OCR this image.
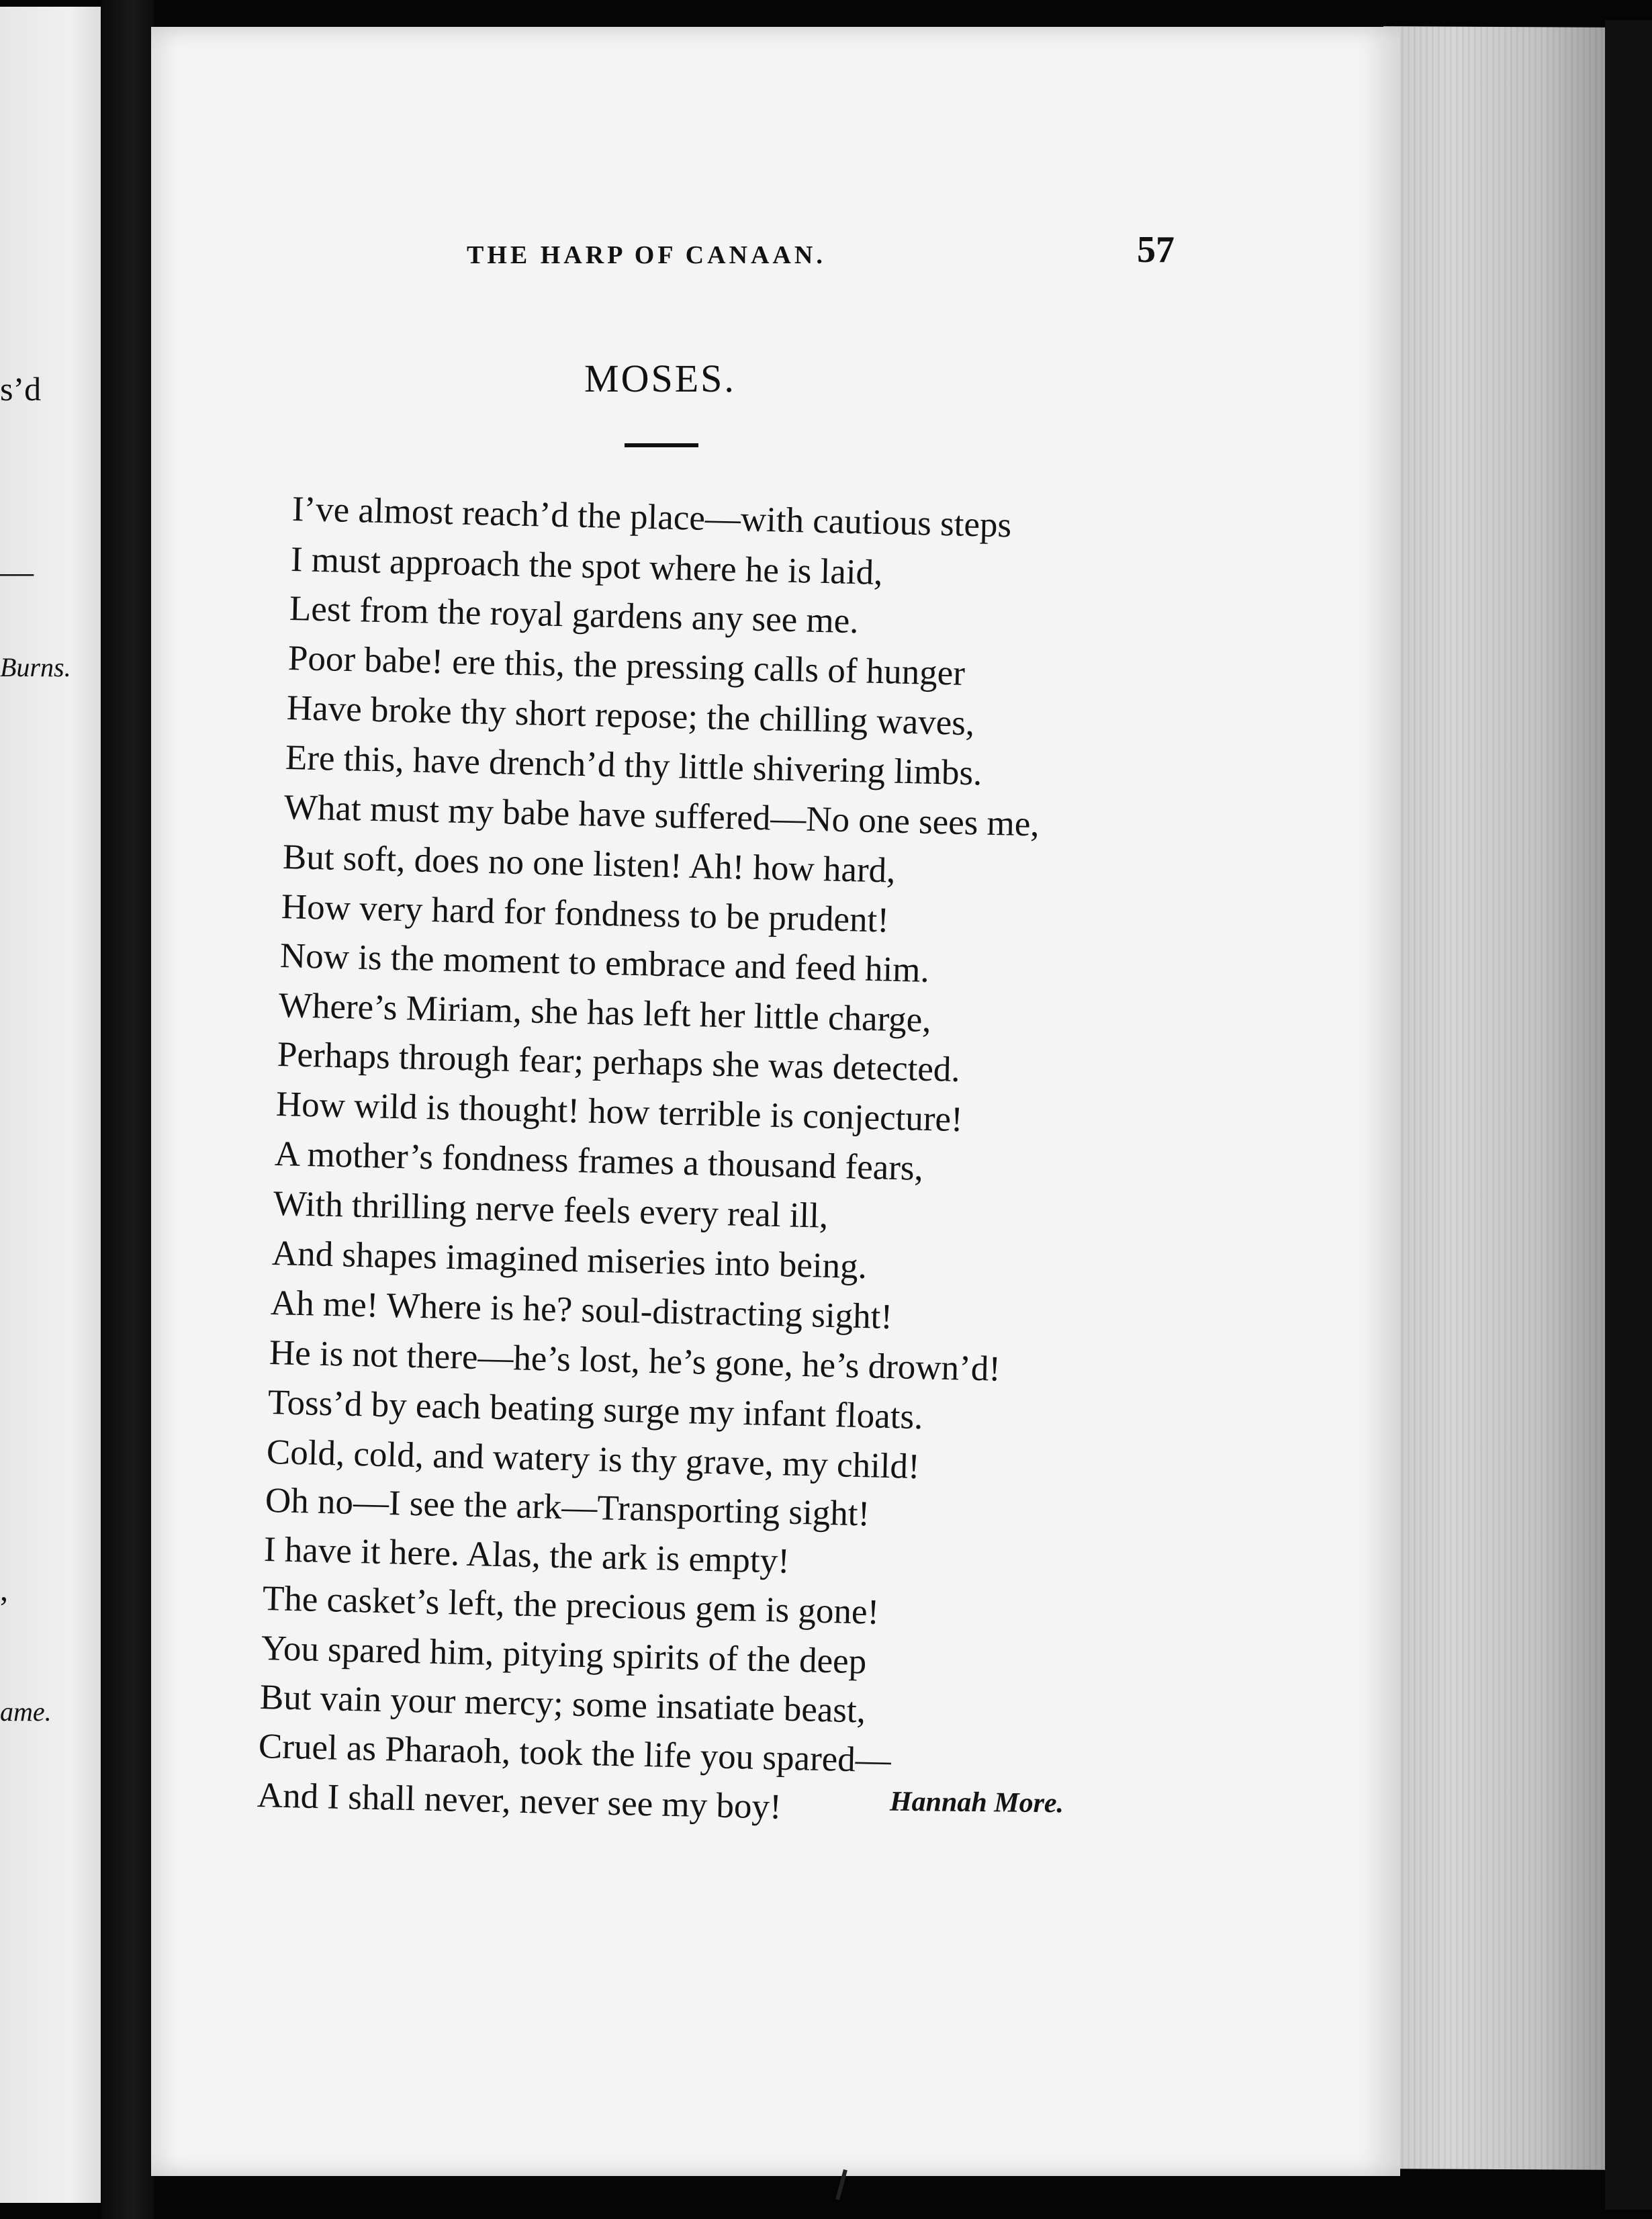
s’d
—
Burns.
,
ame.
THE HARP OF CANAAN.	57
MOSES.
I’ve almost reach’d the place—with cautious steps
I must approach the spot where he is laid,
Lest from the royal gardens any see me.
Poor babe! ere this, the pressing calls of hunger
Have broke thy short repose; the chilling waves,
Ere this, have drench’d thy little shivering limbs.
What must my babe have suffered—No one sees me,
But soft, does no one listen! Ah! how hard,
How very hard for fondness to be prudent!
Now is the moment to embrace and feed him.
Where’s Miriam, she has left her little charge,
Perhaps through fear; perhaps she was detected.
How wild is thought! how terrible is conjecture!
A mother’s fondness frames a thousand fears,
With thrilling nerve feels every real ill,
And shapes imagined miseries into being.
Ah me! Where is he? soul-distracting sight!
He is not there—he’s lost, he’s gone, he’s drown’d!
Toss’d by each beating surge my infant floats.
Cold, cold, and watery is thy grave, my child!
Oh no—I see the ark—Transporting sight!
I have it here. Alas, the ark is empty!
The casket’s left, the precious gem is gone!
You spared him, pitying spirits of the deep
But vain your mercy; some insatiate beast,
Cruel as Pharaoh, took the life you spared—
And I shall never, never see my boy!	Hannah More.
